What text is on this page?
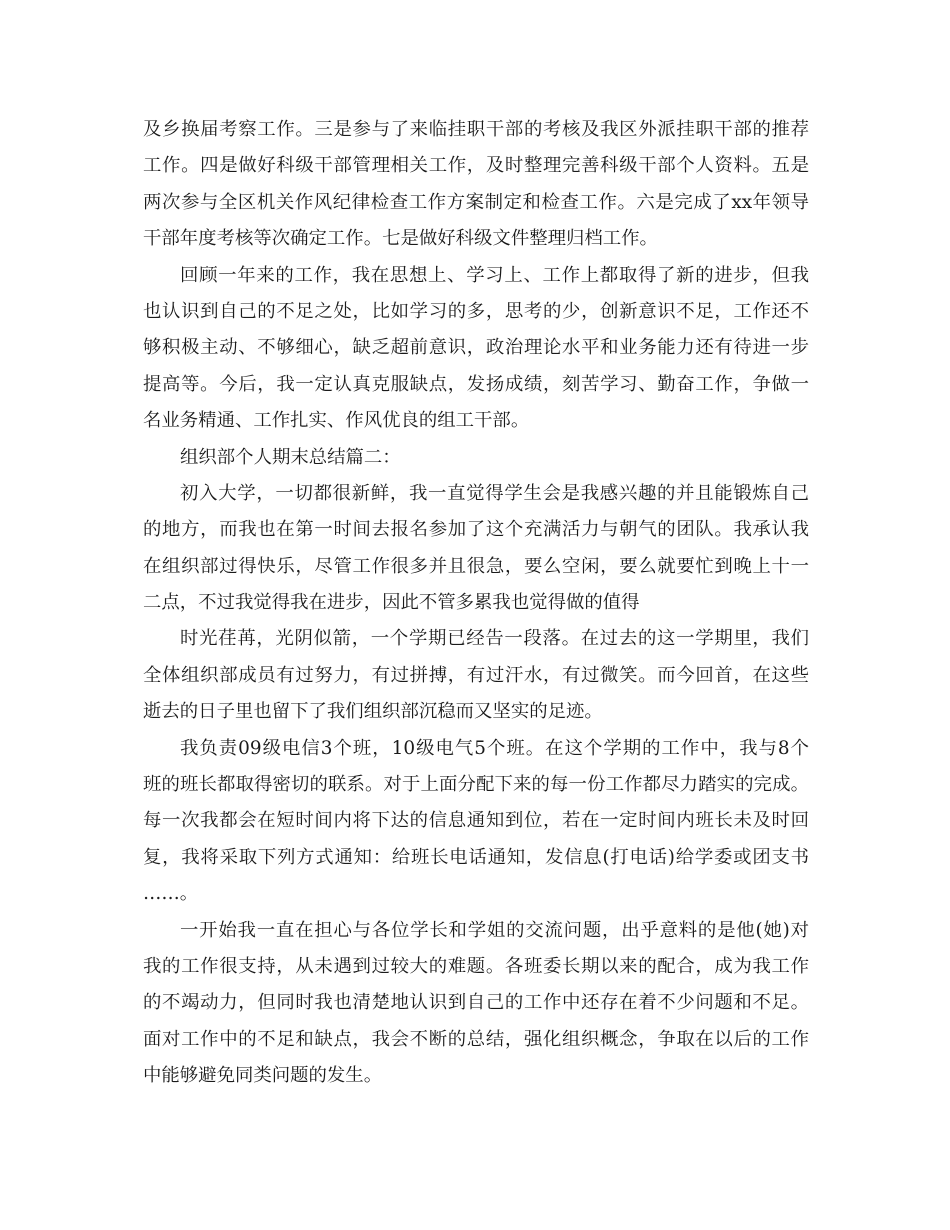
及乡换届考察工作。三是参与了来临挂职干部的考核及我区外派挂职干部的推荐
工作。四是做好科级干部管理相关工作，及时整理完善科级干部个人资料。五是
两次参与全区机关作风纪律检查工作方案制定和检查工作。六是完成了xx年领导
干部年度考核等次确定工作。七是做好科级文件整理归档工作。
回顾一年来的工作，我在思想上、学习上、工作上都取得了新的进步，但我
也认识到自己的不足之处，比如学习的多，思考的少，创新意识不足，工作还不
够积极主动、不够细心，缺乏超前意识，政治理论水平和业务能力还有待进一步
提高等。今后，我一定认真克服缺点，发扬成绩，刻苦学习、勤奋工作，争做一
名业务精通、工作扎实、作风优良的组工干部。
组织部个人期末总结篇二：
初入大学，一切都很新鲜，我一直觉得学生会是我感兴趣的并且能锻炼自己
的地方，而我也在第一时间去报名参加了这个充满活力与朝气的团队。我承认我
在组织部过得快乐，尽管工作很多并且很急，要么空闲，要么就要忙到晚上十一
二点，不过我觉得我在进步，因此不管多累我也觉得做的值得
时光荏苒，光阴似箭，一个学期已经告一段落。在过去的这一学期里，我们
全体组织部成员有过努力，有过拼搏，有过汗水，有过微笑。而今回首，在这些
逝去的日子里也留下了我们组织部沉稳而又坚实的足迹。
我负责09级电信3个班，10级电气5个班。在这个学期的工作中，我与8个
班的班长都取得密切的联系。对于上面分配下来的每一份工作都尽力踏实的完成。
每一次我都会在短时间内将下达的信息通知到位，若在一定时间内班长未及时回
复，我将采取下列方式通知：给班长电话通知，发信息(打电话)给学委或团支书
……。
一开始我一直在担心与各位学长和学姐的交流问题，出乎意料的是他(她)对
我的工作很支持，从未遇到过较大的难题。各班委长期以来的配合，成为我工作
的不竭动力，但同时我也清楚地认识到自己的工作中还存在着不少问题和不足。
面对工作中的不足和缺点，我会不断的总结，强化组织概念，争取在以后的工作
中能够避免同类问题的发生。
